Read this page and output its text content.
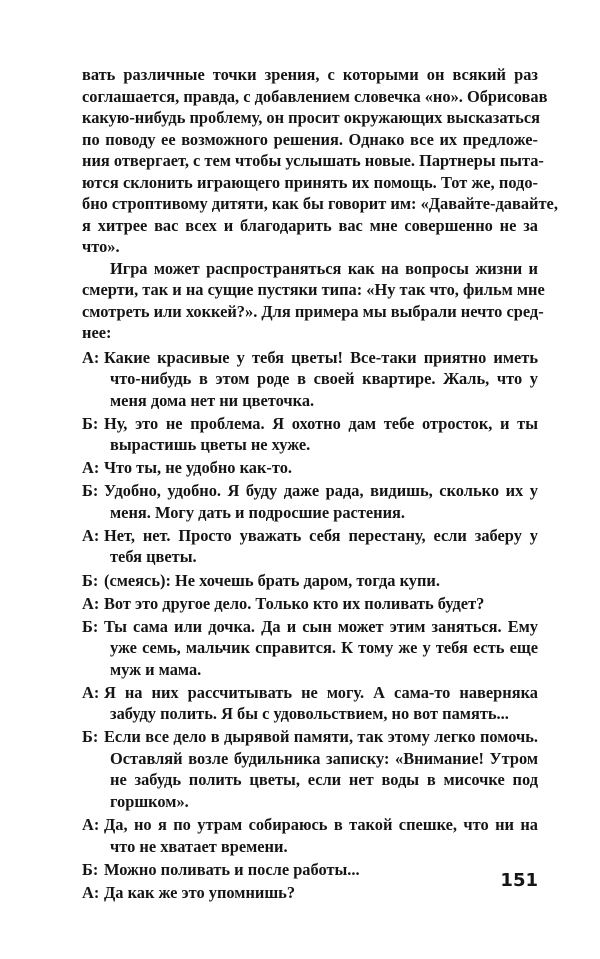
вать различные точки зрения, с которыми он всякий раз
соглашается, правда, с добавлением словечка «но». Обрисовав
какую-нибудь проблему, он просит окружающих высказаться
по поводу ее возможного решения. Однако все их предложе-
ния отвергает, с тем чтобы услышать новые. Партнеры пыта-
ются склонить играющего принять их помощь. Тот же, подо-
бно строптивому дитяти, как бы говорит им: «Давайте-давайте,
я хитрее вас всех и благодарить вас мне совершенно не за
что».
Игра может распространяться как на вопросы жизни и
смерти, так и на сущие пустяки типа: «Ну так что, фильм мне
смотреть или хоккей?». Для примера мы выбрали нечто сред-
нее:
А: Какие красивые у тебя цветы! Все-таки приятно иметь
что-нибудь в этом роде в своей квартире. Жаль, что у
меня дома нет ни цветочка.
Б: Ну, это не проблема. Я охотно дам тебе отросток, и ты
вырастишь цветы не хуже.
А: Что ты, не удобно как-то.
Б: Удобно, удобно. Я буду даже рада, видишь, сколько их у
меня. Могу дать и подросшие растения.
А: Нет, нет. Просто уважать себя перестану, если заберу у
тебя цветы.
Б: (смеясь): Не хочешь брать даром, тогда купи.
А: Вот это другое дело. Только кто их поливать будет?
Б: Ты сама или дочка. Да и сын может этим заняться. Ему
уже семь, мальчик справится. К тому же у тебя есть еще
муж и мама.
А: Я на них рассчитывать не могу. А сама-то наверняка
забуду полить. Я бы с удовольствием, но вот память...
Б: Если все дело в дырявой памяти, так этому легко помочь.
Оставляй возле будильника записку: «Внимание! Утром
не забудь полить цветы, если нет воды в мисочке под
горшком».
А: Да, но я по утрам собираюсь в такой спешке, что ни на
что не хватает времени.
Б: Можно поливать и после работы...
А: Да как же это упомнишь?
151
